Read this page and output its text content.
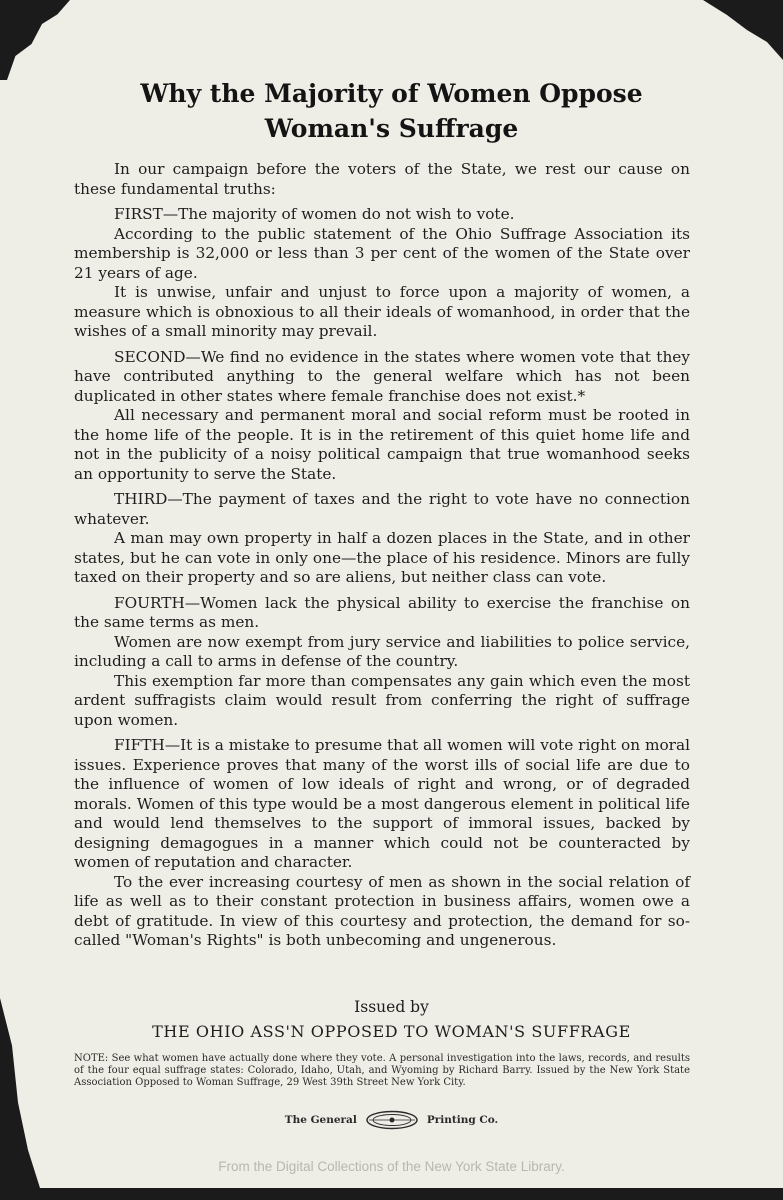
Why the Majority of Women Oppose
Woman's Suffrage

In our campaign before the voters of the State, we rest our cause on these fundamental truths:

FIRST—The majority of women do not wish to vote.

According to the public statement of the Ohio Suffrage Association its membership is 32,000 or less than 3 per cent of the women of the State over 21 years of age.

It is unwise, unfair and unjust to force upon a majority of women, a measure which is obnoxious to all their ideals of womanhood, in order that the wishes of a small minority may prevail.

SECOND—We find no evidence in the states where women vote that they have contributed anything to the general welfare which has not been duplicated in other states where female franchise does not exist.*

All necessary and permanent moral and social reform must be rooted in the home life of the people. It is in the retirement of this quiet home life and not in the publicity of a noisy political campaign that true womanhood seeks an opportunity to serve the State.

THIRD—The payment of taxes and the right to vote have no connection whatever.

A man may own property in half a dozen places in the State, and in other states, but he can vote in only one—the place of his residence. Minors are fully taxed on their property and so are aliens, but neither class can vote.

FOURTH—Women lack the physical ability to exercise the franchise on the same terms as men.

Women are now exempt from jury service and liabilities to police service, including a call to arms in defense of the country.

This exemption far more than compensates any gain which even the most ardent suffragists claim would result from conferring the right of suffrage upon women.

FIFTH—It is a mistake to presume that all women will vote right on moral issues. Experience proves that many of the worst ills of social life are due to the influence of women of low ideals of right and wrong, or of degraded morals. Women of this type would be a most dangerous element in political life and would lend themselves to the support of immoral issues, backed by designing demagogues in a manner which could not be counteracted by women of reputation and character.

To the ever increasing courtesy of men as shown in the social relation of life as well as to their constant protection in business affairs, women owe a debt of gratitude. In view of this courtesy and protection, the demand for so-called "Woman's Rights" is both unbecoming and ungenerous.

Issued by
THE OHIO ASS'N OPPOSED TO WOMAN'S SUFFRAGE
NOTE: See what women have actually done where they vote. A personal investigation into the laws, records, and results of the four equal suffrage states: Colorado, Idaho, Utah, and Wyoming by Richard Barry. Issued by the New York State Association Opposed to Woman Suffrage, 29 West 39th Street New York City.
The General	Printing Co.
From the Digital Collections of the New York State Library.
